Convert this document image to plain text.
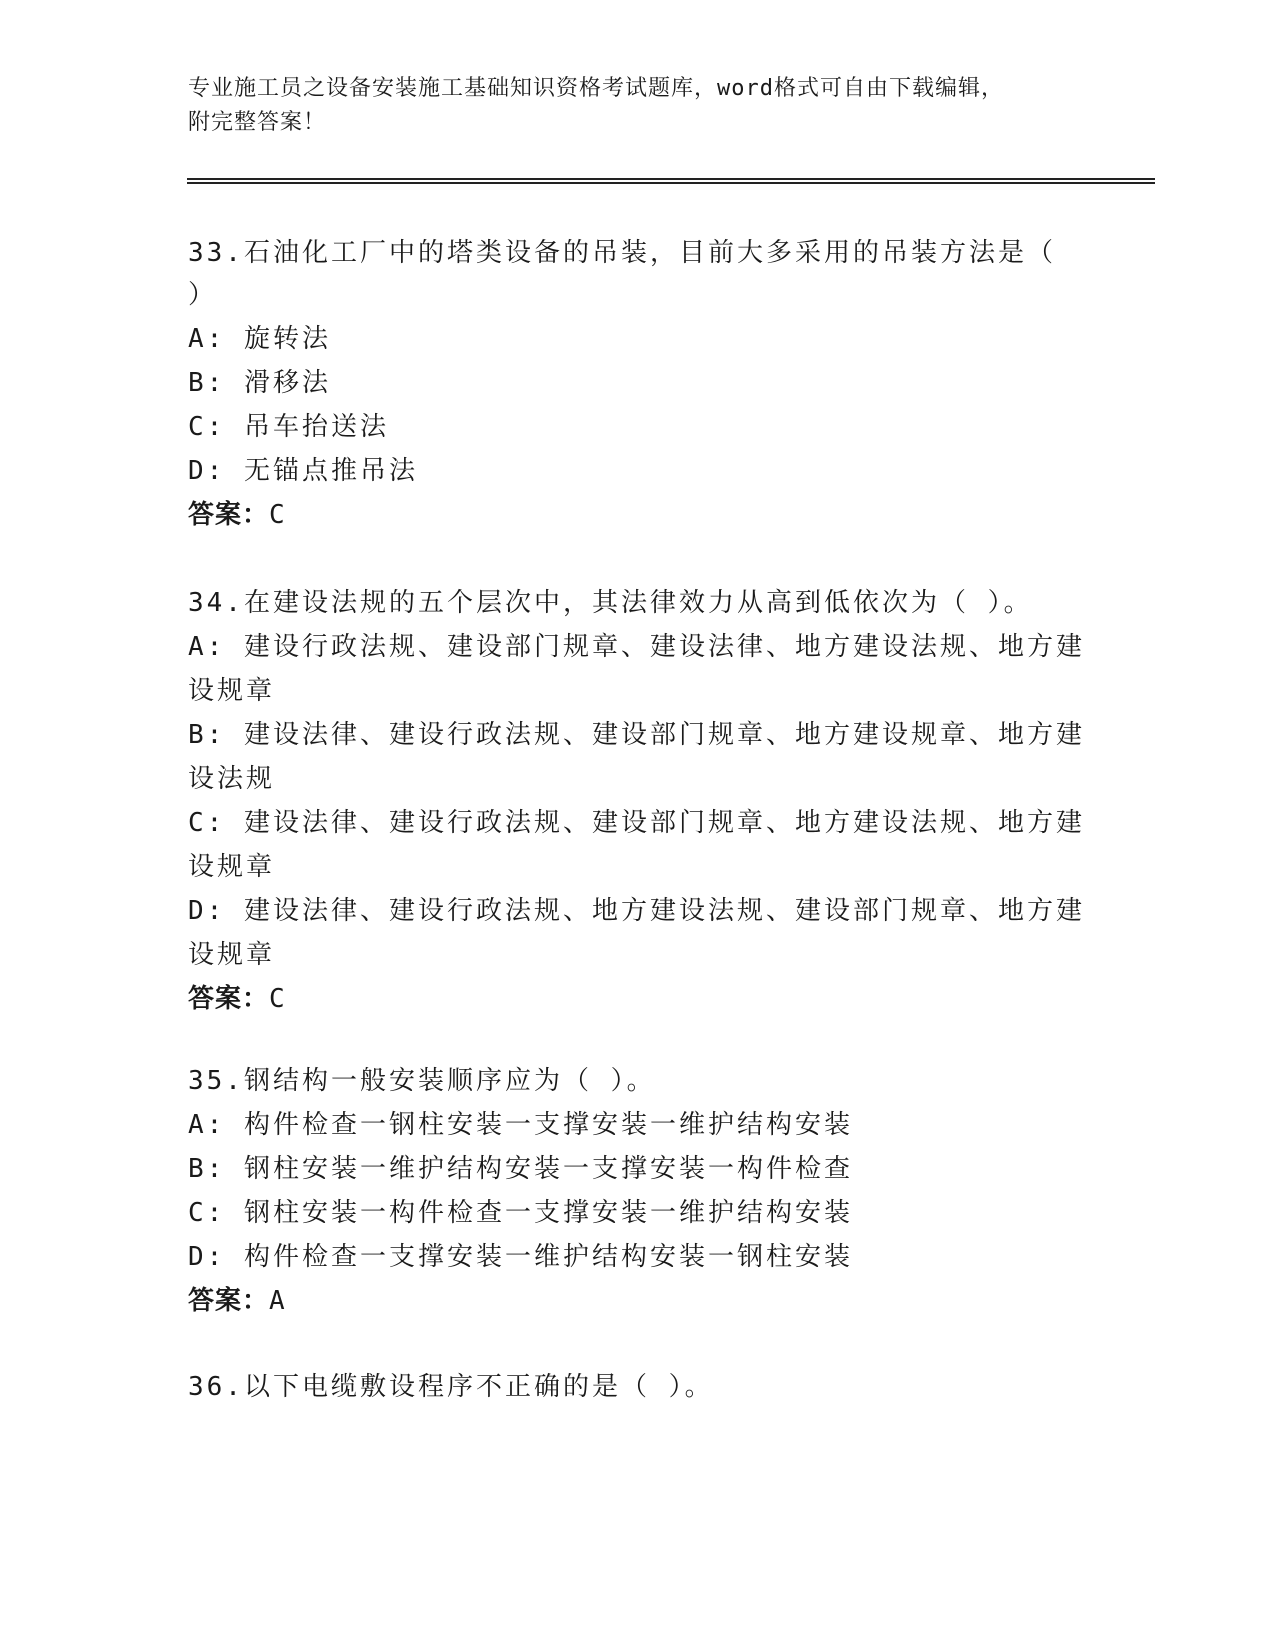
专业施工员之设备安装施工基础知识资格考试题库，word格式可自由下载编辑，
附完整答案！
33.石油化工厂中的塔类设备的吊装，目前大多采用的吊装方法是（
）
A: 旋转法
B: 滑移法
C: 吊车抬送法
D: 无锚点推吊法
答案：C
34.在建设法规的五个层次中，其法律效力从高到低依次为（ ）。
A: 建设行政法规、建设部门规章、建设法律、地方建设法规、地方建
设规章
B: 建设法律、建设行政法规、建设部门规章、地方建设规章、地方建
设法规
C: 建设法律、建设行政法规、建设部门规章、地方建设法规、地方建
设规章
D: 建设法律、建设行政法规、地方建设法规、建设部门规章、地方建
设规章
答案：C
35.钢结构一般安装顺序应为（ ）。
A: 构件检查一钢柱安装一支撑安装一维护结构安装
B: 钢柱安装一维护结构安装一支撑安装一构件检查
C: 钢柱安装一构件检查一支撑安装一维护结构安装
D: 构件检查一支撑安装一维护结构安装一钢柱安装
答案：A
36.以下电缆敷设程序不正确的是（ ）。
